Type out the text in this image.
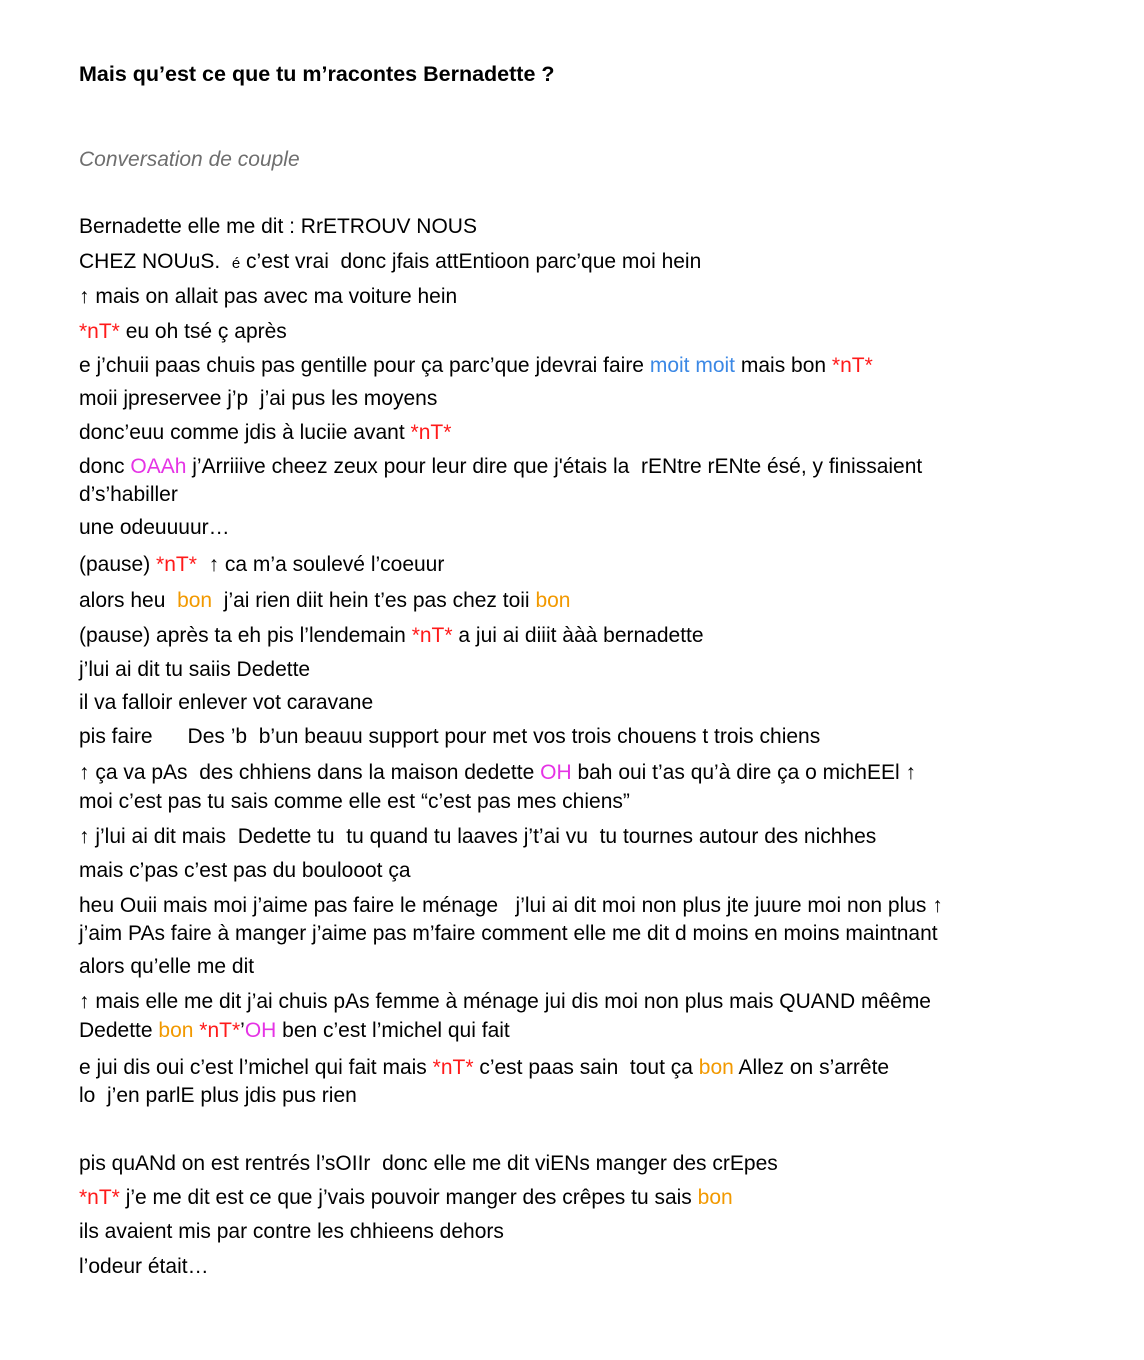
Mais qu’est ce que tu m’racontes Bernadette ?

Conversation de couple

Bernadette elle me dit : RrETROUV NOUS
CHEZ NOUuS.  é c’est vrai  donc jfais attEntioon parc’que moi hein
↑ mais on allait pas avec ma voiture hein
*nT* eu oh tsé ç après
e j’chuii paas chuis pas gentille pour ça parc’que jdevrai faire moit moit mais bon *nT*
moii jpreservee j’p  j’ai pus les moyens
donc’euu comme jdis à luciie avant *nT*
donc OAAh j’Arriiive cheez zeux pour leur dire que j'étais la  rENtre rENte ésé, y finissaient
d’s’habiller
une odeuuuur…
(pause) *nT*  ↑ ca m’a soulevé l’coeuur
alors heu  bon  j’ai rien diit hein t’es pas chez toii bon
(pause) après ta eh pis l’lendemain *nT* a jui ai diiit ààà bernadette
j’lui ai dit tu saiis Dedette
il va falloir enlever vot caravane
pis faire      Des ’b  b’un beauu support pour met vos trois chouens t trois chiens
↑ ça va pAs  des chhiens dans la maison dedette OH bah oui t’as qu’à dire ça o michEEl ↑
moi c’est pas tu sais comme elle est “c’est pas mes chiens”
↑ j’lui ai dit mais  Dedette tu  tu quand tu laaves j’t’ai vu  tu tournes autour des nichhes
mais c’pas c’est pas du boulooot ça
heu Ouii mais moi j’aime pas faire le ménage   j’lui ai dit moi non plus jte juure moi non plus ↑
j’aim PAs faire à manger j’aime pas m’faire comment elle me dit d moins en moins maintnant
alors qu’elle me dit
↑ mais elle me dit j’ai chuis pAs femme à ménage jui dis moi non plus mais QUAND mêême
Dedette bon *nT*’OH ben c’est l’michel qui fait
e jui dis oui c’est l’michel qui fait mais *nT* c’est paas sain  tout ça bon Allez on s’arrête
lo  j’en parlE plus jdis pus rien
pis quANd on est rentrés l’sOIIr  donc elle me dit viENs manger des crEpes
*nT* j’e me dit est ce que j’vais pouvoir manger des crêpes tu sais bon
ils avaient mis par contre les chhieens dehors
l’odeur était…
